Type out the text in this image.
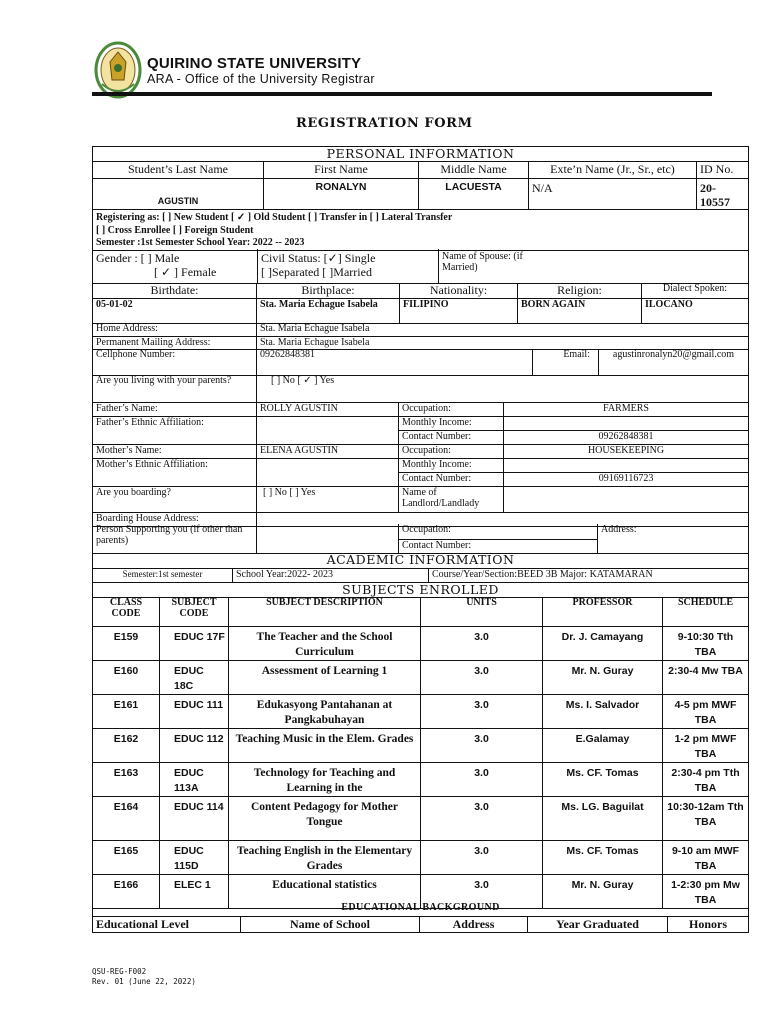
QUIRINO STATE UNIVERSITY
ARA - Office of the University Registrar
REGISTRATION FORM
PERSONAL INFORMATION				
Student’s Last Name	First Name	Middle Name	Exte’n Name (Jr., Sr., etc)	ID No.
AGUSTIN	RONALYN	LACUESTA	N/A	20-10557

Registering as: [ ] New Student [ ✓ ] Old Student [ ] Transfer in [ ] Lateral Transfer
[ ] Cross Enrollee [ ] Foreign Student
Semester :1st Semester School Year: 2022 -- 2023				
Gender : [ ] Male
[ ✓ ] Female

Civil Status: [✓] Single
[ ]Separated [ ]Married

Name of Spouse: (if Married)
Birthdate:	Birthplace:	Nationality:	Religion:	Dialect Spoken:
05-01-02	Sta. Maria Echague Isabela	FILIPINO	BORN AGAIN	ILOCANO
Home Address:	Sta. Maria Echague Isabela
Permanent Mailing Address:	Sta. Maria Echague Isabela
Cellphone Number:	09262848381	Email:	agustinronalyn20@gmail.com
Are you living with your parents?	[ ] No [ ✓ ] Yes		
Father’s Name:	ROLLY AGUSTIN	Occupation:	FARMERS
Father’s Ethnic Affiliation:		Monthly Income:	
		Contact Number:	09262848381
Mother’s Name:	ELENA AGUSTIN	Occupation:	HOUSEKEEPING
Mother’s Ethnic Affiliation:		Monthly Income:	
		Contact Number:	09169116723
Are you boarding?	[ ] No [ ] Yes	Name of Landlord/Landlady	
Boarding House Address:			
Person Supporting you (if other than parents)		Occupation:	Address:
Contact Number:
ACADEMIC INFORMATION
Semester:1st semester	School Year:2022- 2023	Course/Year/Section:BEED 3B Major: KATAMARAN
SUBJECTS ENROLLED
CLASS CODE	SUBJECT CODE	SUBJECT DESCRIPTION	UNITS	PROFESSOR	SCHEDULE
E159	EDUC 17F	The Teacher and the School Curriculum	3.0	Dr. J. Camayang	9-10:30 Tth TBA
E160	EDUC 18C	Assessment of Learning 1	3.0	Mr. N. Guray	2:30-4 Mw TBA
E161	EDUC 111	Edukasyong Pantahanan at Pangkabuhayan	3.0	Ms. I. Salvador	4-5 pm MWF TBA
E162	EDUC 112	Teaching Music in the Elem. Grades	3.0	E.Galamay	1-2 pm MWF TBA
E163	EDUC 113A	Technology for Teaching and Learning in the	3.0	Ms. CF. Tomas	2:30-4 pm Tth TBA
E164	EDUC 114	Content Pedagogy for Mother Tongue	3.0	Ms. LG. Baguilat	10:30-12am Tth TBA
E165	EDUC 115D	Teaching English in the Elementary Grades	3.0	Ms. CF. Tomas	9-10 am MWF TBA
E166	ELEC 1	Educational statistics	3.0	Mr. N. Guray	1-2:30 pm Mw TBA
EDUCATIONAL BACKGROUND
Educational Level	Name of School	Address	Year Graduated	Honors
QSU-REG-F002
Rev. 01 (June 22, 2022)
